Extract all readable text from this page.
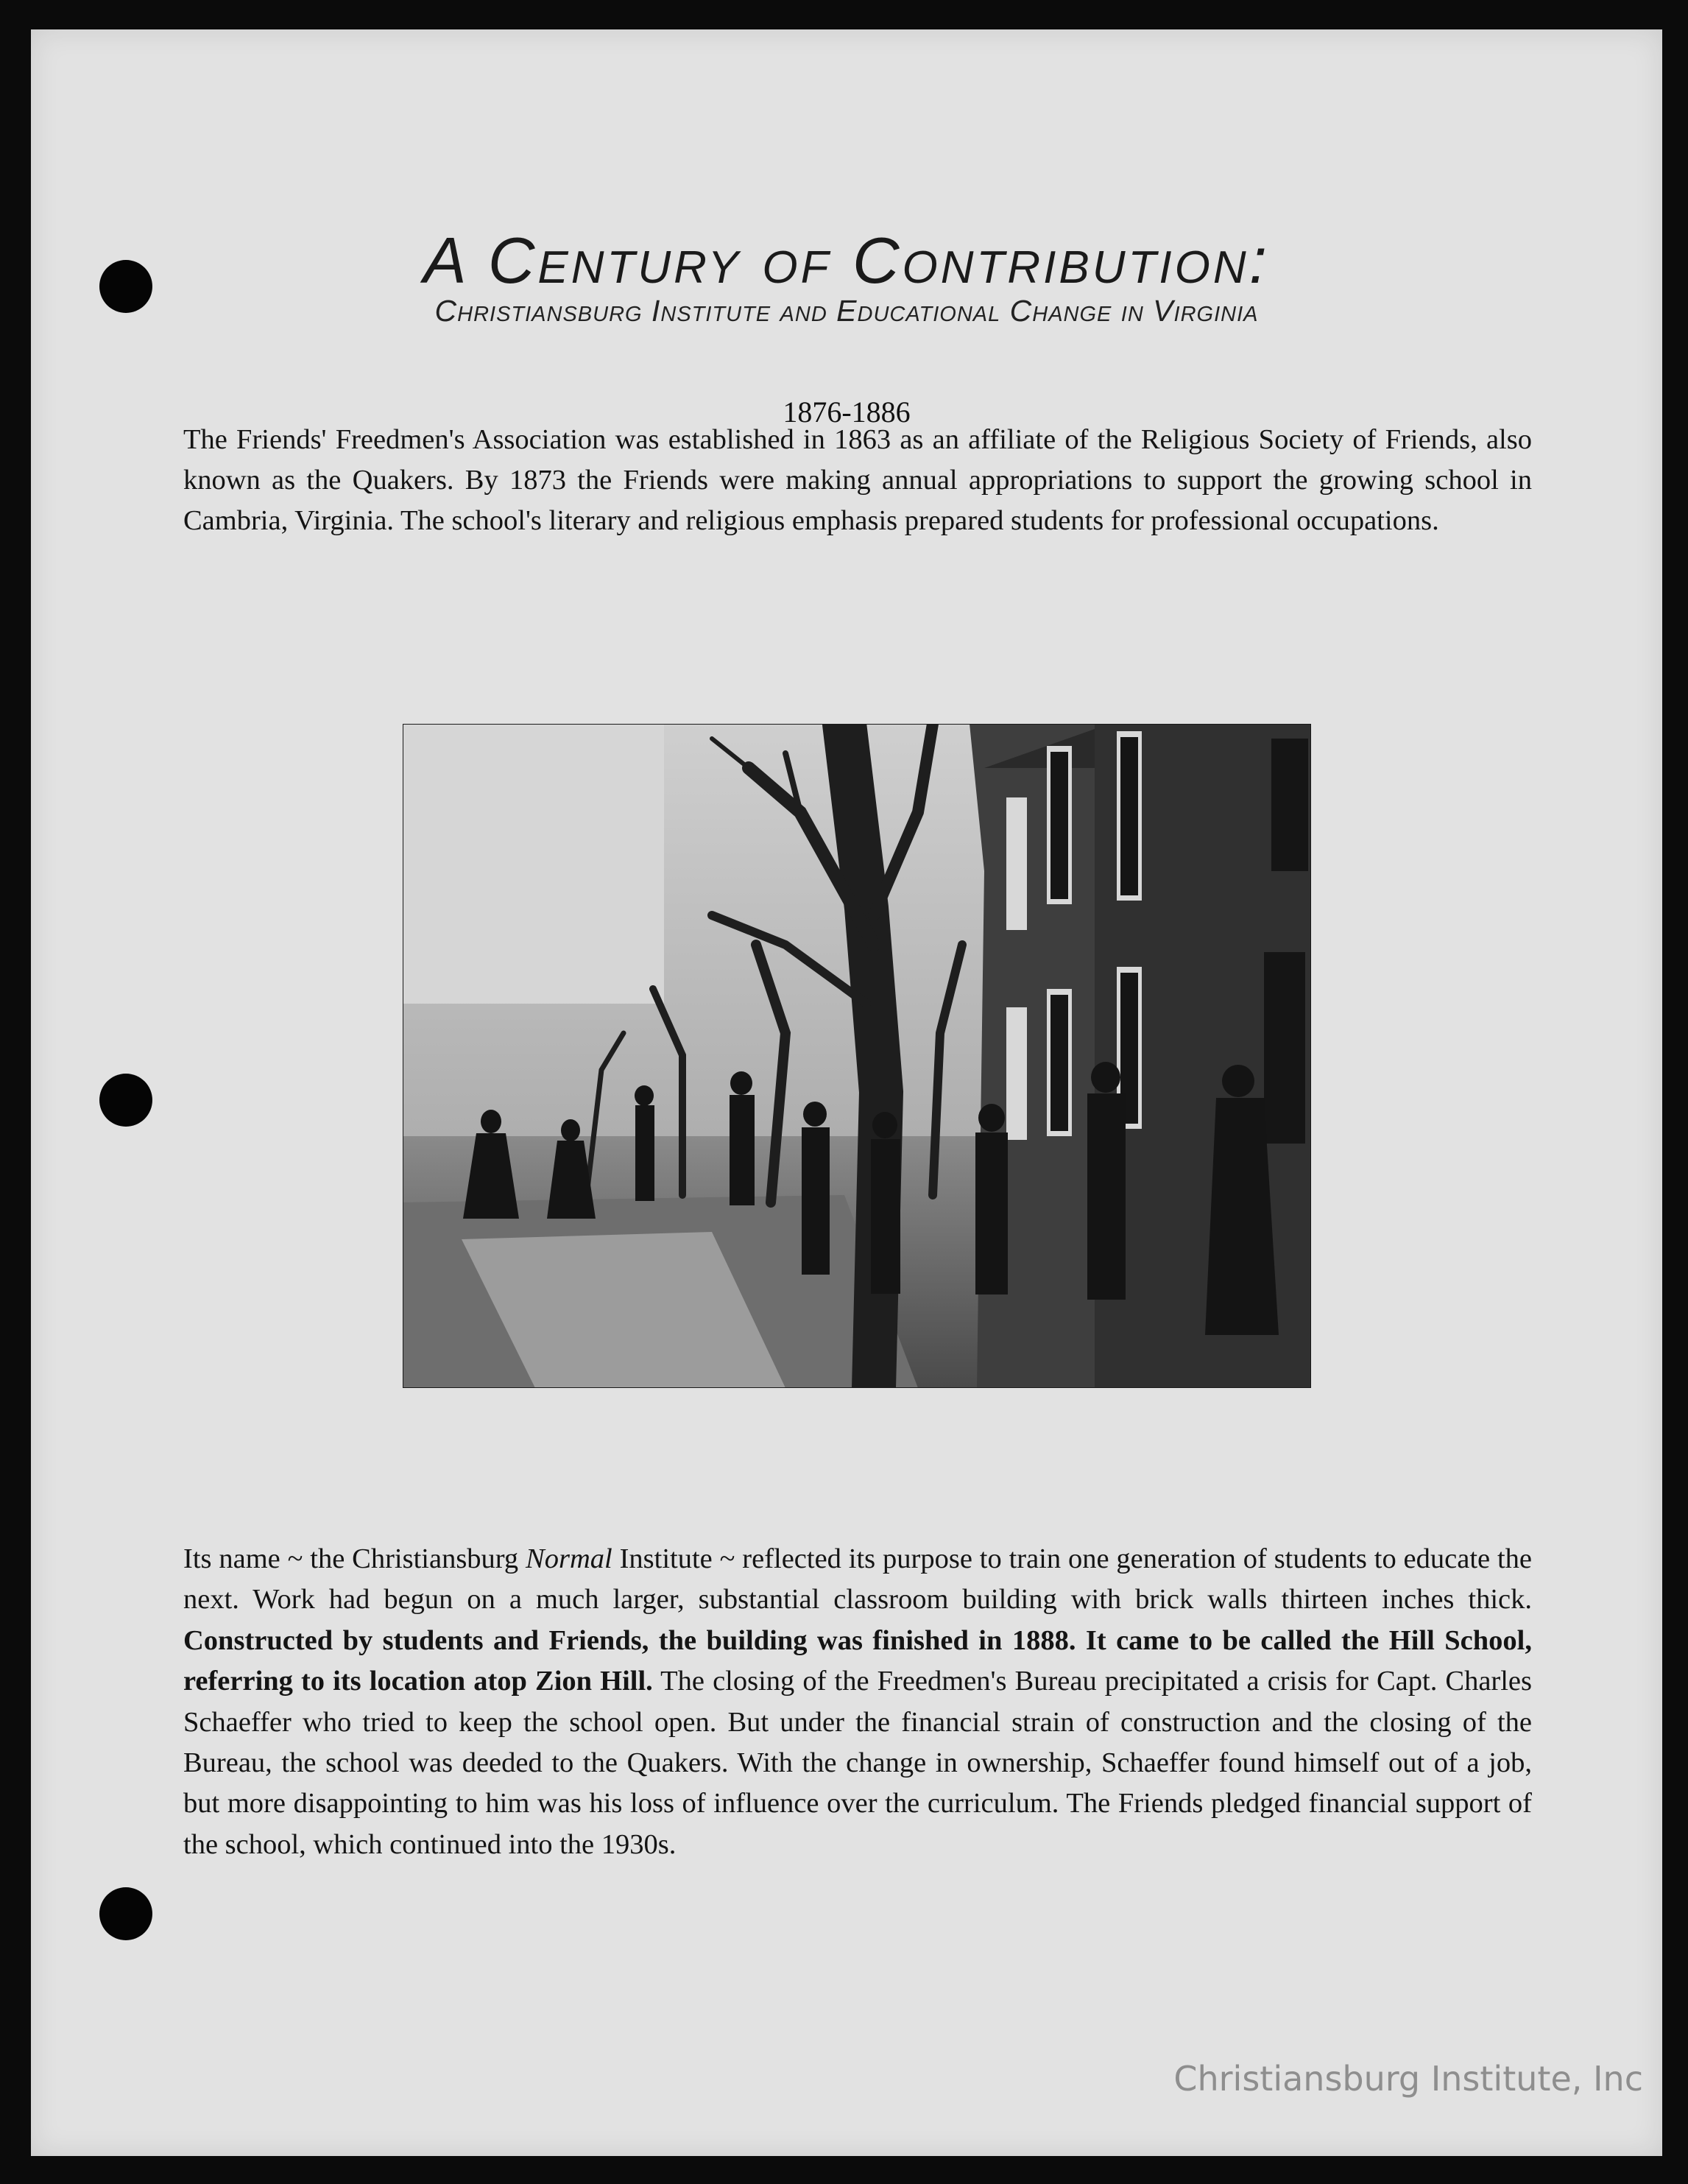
A Century of Contribution:
Christiansburg Institute and Educational Change in Virginia
1876-1886

The Friends' Freedmen's Association was established in 1863 as an affiliate of the Religious Society of Friends, also known as the Quakers. By 1873 the Friends were making annual appropriations to support the growing school in Cambria, Virginia. The school's literary and religious emphasis prepared students for professional occupations.

Its name ~ the Christiansburg Normal Institute ~ reflected its purpose to train one generation of students to educate the next. Work had begun on a much larger, substantial classroom building with brick walls thirteen inches thick. Constructed by students and Friends, the building was finished in 1888. It came to be called the Hill School, referring to its location atop Zion Hill. The closing of the Freedmen's Bureau precipitated a crisis for Capt. Charles Schaeffer who tried to keep the school open. But under the financial strain of construction and the closing of the Bureau, the school was deeded to the Quakers. With the change in ownership, Schaeffer found himself out of a job, but more disappointing to him was his loss of influence over the curriculum. The Friends pledged financial support of the school, which continued into the 1930s.

Christiansburg Institute, Inc
